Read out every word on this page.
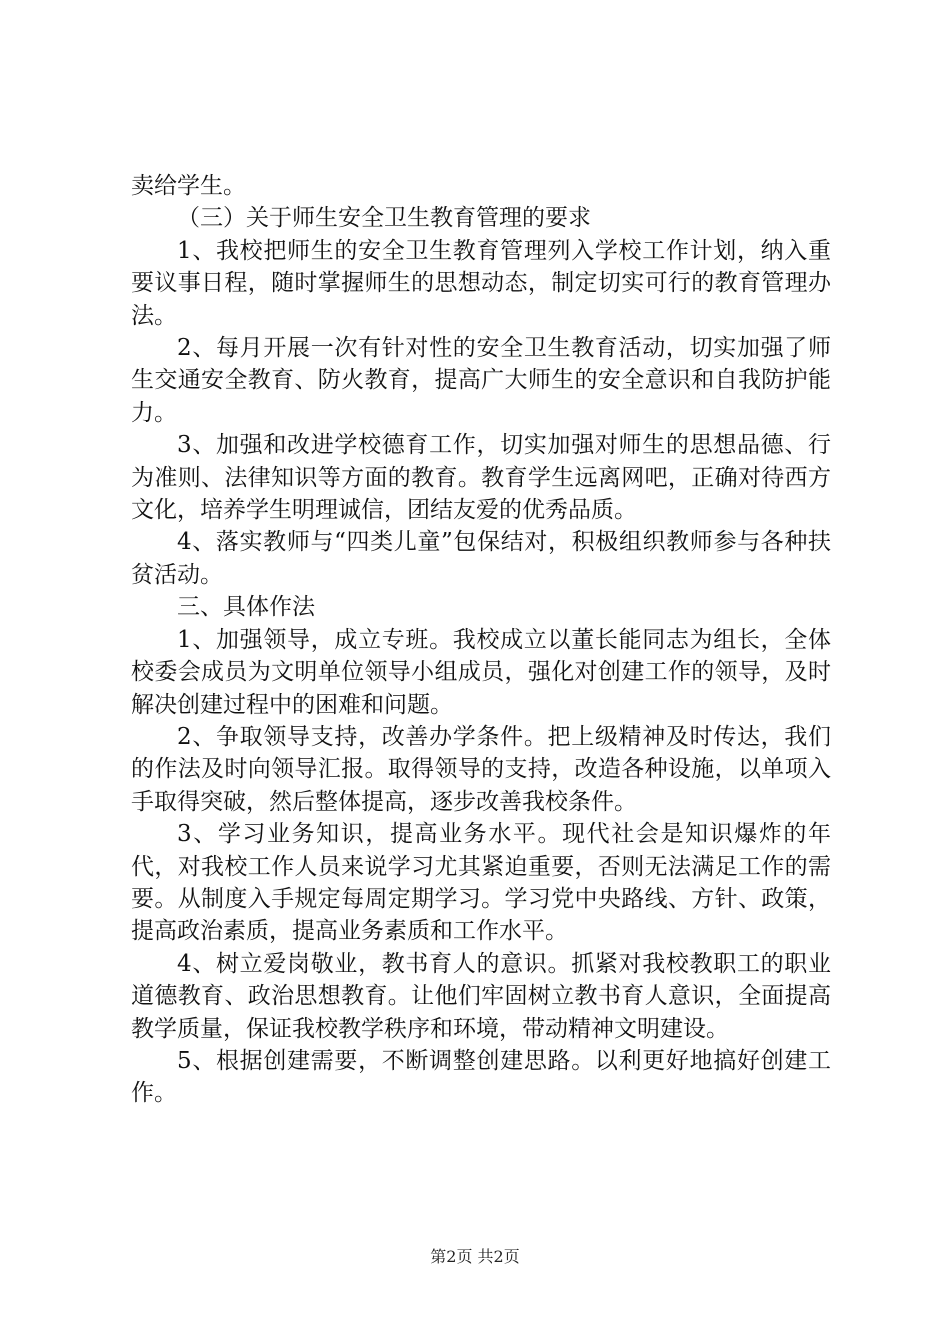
卖给学生。

（三）关于师生安全卫生教育管理的要求

1、我校把师生的安全卫生教育管理列入学校工作计划，纳入重要议事日程，随时掌握师生的思想动态，制定切实可行的教育管理办法。

2、每月开展一次有针对性的安全卫生教育活动，切实加强了师生交通安全教育、防火教育，提高广大师生的安全意识和自我防护能力。

3、加强和改进学校德育工作，切实加强对师生的思想品德、行为准则、法律知识等方面的教育。教育学生远离网吧，正确对待西方文化，培养学生明理诚信，团结友爱的优秀品质。

4、落实教师与“四类儿童”包保结对，积极组织教师参与各种扶贫活动。

三、具体作法

1、加强领导，成立专班。我校成立以董长能同志为组长，全体校委会成员为文明单位领导小组成员，强化对创建工作的领导，及时解决创建过程中的困难和问题。

2、争取领导支持，改善办学条件。把上级精神及时传达，我们的作法及时向领导汇报。取得领导的支持，改造各种设施，以单项入手取得突破，然后整体提高，逐步改善我校条件。

3、学习业务知识，提高业务水平。现代社会是知识爆炸的年代，对我校工作人员来说学习尤其紧迫重要，否则无法满足工作的需要。从制度入手规定每周定期学习。学习党中央路线、方针、政策，提高政治素质，提高业务素质和工作水平。

4、树立爱岗敬业，教书育人的意识。抓紧对我校教职工的职业道德教育、政治思想教育。让他们牢固树立教书育人意识，全面提高教学质量，保证我校教学秩序和环境，带动精神文明建设。

5、根据创建需要，不断调整创建思路。以利更好地搞好创建工作。

第2页 共2页
